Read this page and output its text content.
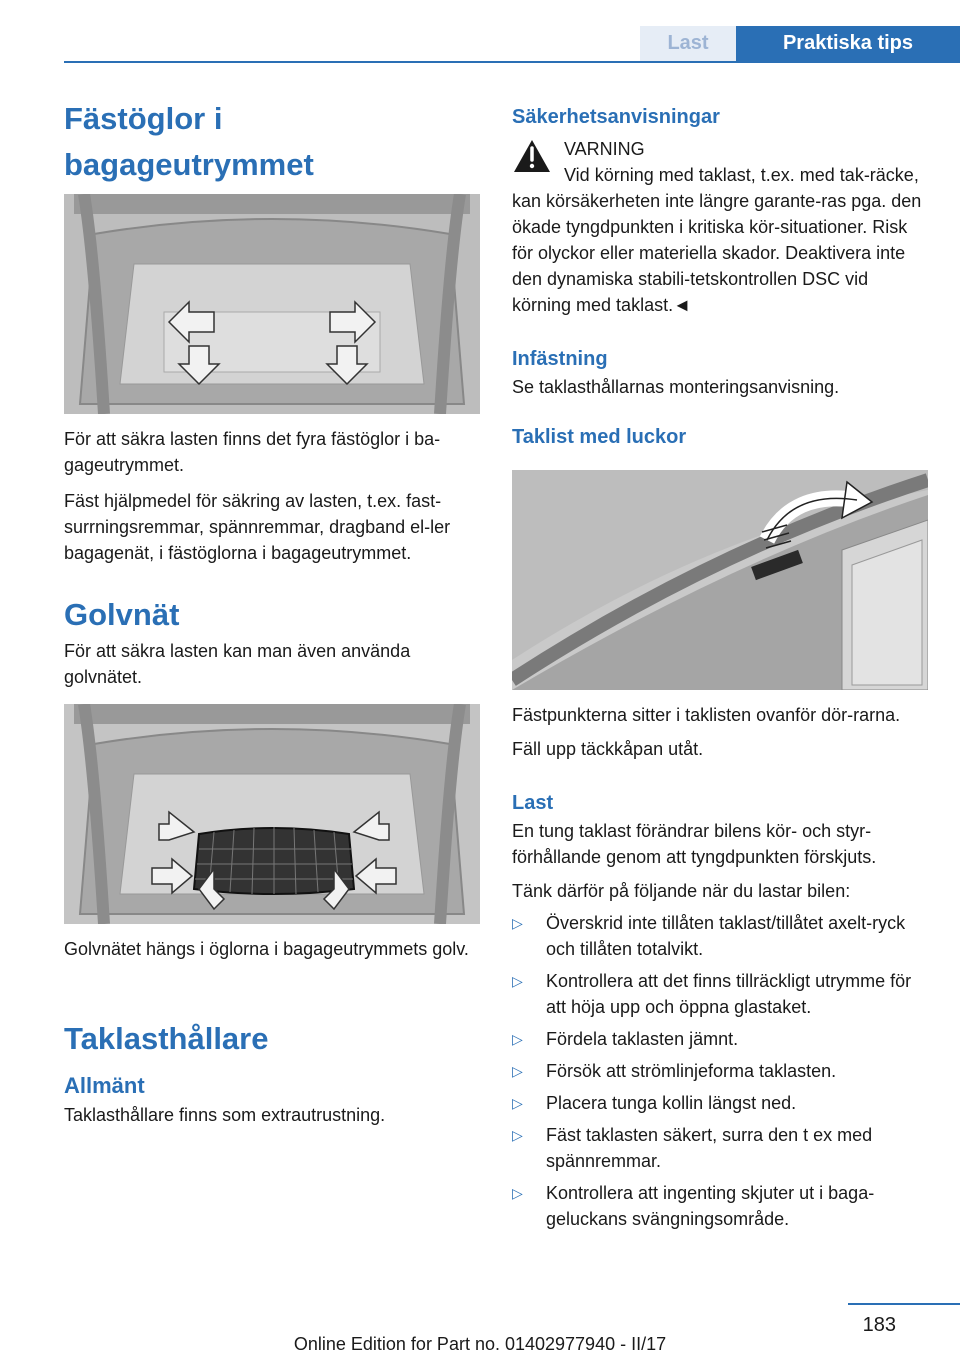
Last	Praktiska tips
Fästöglor i bagageutrymmet

För att säkra lasten finns det fyra fästöglor i ba-gageutrymmet.

Fäst hjälpmedel för säkring av lasten, t.ex. fast-surrningsremmar, spännremmar, dragband el-ler bagagenät, i fästöglorna i bagageutrymmet.

Golvnät

För att säkra lasten kan man även använda golvnätet.

Golvnätet hängs i öglorna i bagageutrymmets golv.

Taklasthållare
Allmänt

Taklasthållare finns som extrautrustning.

Säkerhetsanvisningar

VARNING

Vid körning med taklast, t.ex. med tak-räcke, kan körsäkerheten inte längre garante-ras pga. den ökade tyngdpunkten i kritiska kör-situationer. Risk för olyckor eller materiella skador. Deaktivera inte den dynamiska stabili-tetskontrollen DSC vid körning med taklast.◄

Infästning

Se taklasthållarnas monteringsanvisning.

Taklist med luckor

Fästpunkterna sitter i taklisten ovanför dör-rarna.

Fäll upp täckkåpan utåt.

Last

En tung taklast förändrar bilens kör- och styr-förhållande genom att tyngdpunkten förskjuts.

Tänk därför på följande när du lastar bilen:

▷ Överskrid inte tillåten taklast/tillåtet axelt-ryck och tillåten totalvikt.
▷ Kontrollera att det finns tillräckligt utrymme för att höja upp och öppna glastaket.
▷ Fördela taklasten jämnt.
▷ Försök att strömlinjeforma taklasten.
▷ Placera tunga kollin längst ned.
▷ Fäst taklasten säkert, surra den t ex med spännremmar.
▷ Kontrollera att ingenting skjuter ut i baga-geluckans svängningsområde.
183
Online Edition for Part no. 01402977940 - II/17
